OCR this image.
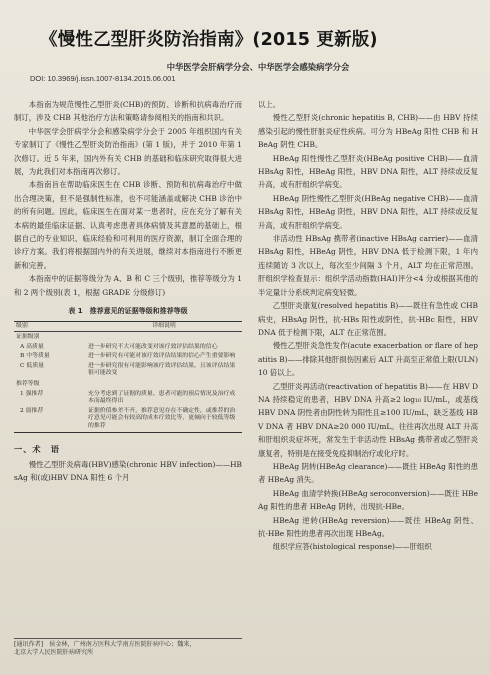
《慢性乙型肝炎防治指南》(2015 更新版)
中华医学会肝病学分会、中华医学会感染病学分会
DOI: 10.3969/j.issn.1007-8134.2015.06.001

本指南为规范慢性乙型肝炎(CHB)的预防、诊断和抗病毒治疗而制订，涉及 CHB 其他治疗方法和策略请参阅相关的指南和共识。

中华医学会肝病学分会和感染病学分会于 2005 年组织国内有关专家制订了《慢性乙型肝炎防治指南》(第 1 版)，并于 2010 年第 1 次修订。近 5 年来，国内外有关 CHB 的基础和临床研究取得很大进展，为此我们对本指南再次修订。

本指南旨在帮助临床医生在 CHB 诊断、预防和抗病毒治疗中做出合理决策，但不是强制性标准，也不可能涵盖或解决 CHB 诊治中的所有问题。因此，临床医生在面对某一患者时，应在充分了解有关本病的最佳临床证据、认真考虑患者具体病情及其意愿的基础上，根据自己的专业知识、临床经验和可利用的医疗资源，制订全面合理的诊疗方案。我们将根据国内外的有关进展，继续对本指南进行不断更新和完善。

本指南中的证据等级分为 A、B 和 C 三个级别，推荐等级分为 1 和 2 两个级别(表 1，根据 GRADE 分级修订)

表 1　推荐意见的证据等级和推荐等级
级别	详细说明
证据级别	
A 高质量	进一步研究不大可能改变对该疗效评估结果的信心
B 中等质量	进一步研究有可能对该疗效评估结果的信心产生重要影响
C 低质量	进一步研究很有可能影响该疗效评估结果，且该评估结果很可能改变
推荐等级	
1 强推荐	充分考虑到了证据的质量、患者可能的预后情况及治疗成本而最终得出
2 弱推荐	证据价值参差不齐，推荐意见存在不确定性，或推荐的治疗意见可能会有较高的成本疗效比等，更倾向于较低等级的推荐
一、术　语

慢性乙型肝炎病毒(HBV)感染(chronic HBV infection)——HBsAg 和(或)HBV DNA 阳性 6 个月

[通讯作者]　侯金林，广州南方医科大学南方医院肝病中心；魏来，
北京大学人民医院肝病研究所

以上。

慢性乙型肝炎(chronic hepatitis B, CHB)——由 HBV 持续感染引起的慢性肝脏炎症性疾病。可分为 HBeAg 阳性 CHB 和 HBeAg 阴性 CHB。

HBeAg 阳性慢性乙型肝炎(HBeAg positive CHB)——血清 HBsAg 阳性，HBeAg 阳性，HBV DNA 阳性，ALT 持续或反复升高，或有肝组织学病变。

HBeAg 阴性慢性乙型肝炎(HBeAg negative CHB)——血清 HBsAg 阳性，HBeAg 阴性，HBV DNA 阳性，ALT 持续或反复升高，或有肝组织学病变。

非活动性 HBsAg 携带者(inactive HBsAg carrier)——血清 HBsAg 阳性，HBeAg 阴性，HBV DNA 低于检测下限，1 年内连续随访 3 次以上，每次至少间隔 3 个月，ALT 均在正常范围。肝组织学检查显示：组织学活动指数(HAI)评分<4 分或根据其他的半定量计分系统判定病变轻微。

乙型肝炎康复(resolved hepatitis B)——既往有急性或 CHB 病史，HBsAg 阴性，抗-HBs 阳性或阴性，抗-HBc 阳性，HBV DNA 低于检测下限，ALT 在正常范围。

慢性乙型肝炎急性发作(acute exacerbation or flare of hepatitis B)——排除其他肝损伤因素后 ALT 升高至正常值上限(ULN)10 倍以上。

乙型肝炎再活动(reactivation of hepatitis B)——在 HBV DNA 持续稳定的患者，HBV DNA 升高≥2 log₁₀ IU/mL，或基线 HBV DNA 阴性者由阴性转为阳性且≥100 IU/mL，缺乏基线 HBV DNA 者 HBV DNA≥20 000 IU/mL。往往再次出现 ALT 升高和肝组织炎症坏死，常发生于非活动性 HBsAg 携带者或乙型肝炎康复者，特别是在接受免疫抑制治疗或化疗时。

HBeAg 阴转(HBeAg clearance)——既往 HBeAg 阳性的患者 HBeAg 消失。

HBeAg 血清学转换(HBeAg seroconversion)——既往 HBeAg 阳性的患者 HBeAg 阴转，出现抗-HBe。

HBeAg 逆转(HBeAg reversion)——既往 HBeAg 阴性、抗-HBe 阳性的患者再次出现 HBeAg。

组织学应答(histological response)——肝组织
